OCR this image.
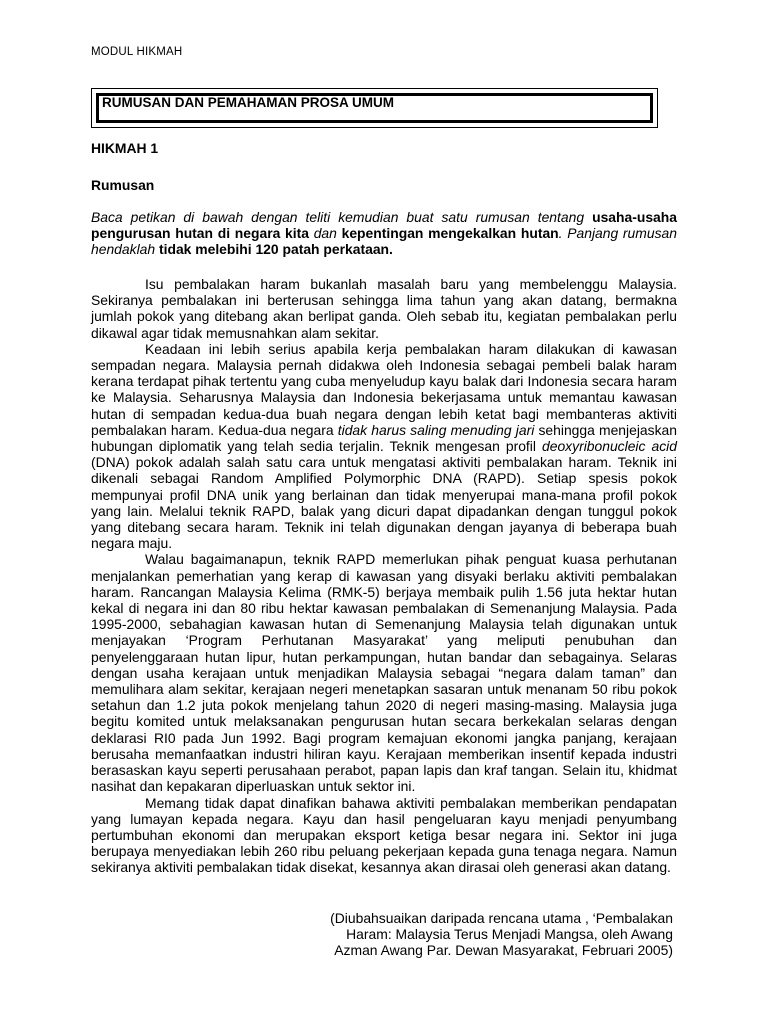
MODUL HIKMAH
RUMUSAN DAN PEMAHAMAN PROSA UMUM

HIKMAH 1

Rumusan

Baca petikan di bawah dengan teliti kemudian buat satu rumusan tentang usaha-usaha pengurusan hutan di negara kita dan kepentingan mengekalkan hutan. Panjang rumusan hendaklah tidak melebihi 120 patah perkataan.

Isu pembalakan haram bukanlah masalah baru yang membelenggu Malaysia. Sekiranya pembalakan ini berterusan sehingga lima tahun yang akan datang, bermakna jumlah pokok yang ditebang akan berlipat ganda. Oleh sebab itu, kegiatan pembalakan perlu dikawal agar tidak memusnahkan alam sekitar.

Keadaan ini lebih serius apabila kerja pembalakan haram dilakukan di kawasan sempadan negara. Malaysia pernah didakwa oleh Indonesia sebagai pembeli balak haram kerana terdapat pihak tertentu yang cuba menyeludup kayu balak dari Indonesia secara haram ke Malaysia. Seharusnya Malaysia dan Indonesia bekerjasama untuk memantau kawasan hutan di sempadan kedua-dua buah negara dengan lebih ketat bagi membanteras aktiviti pembalakan haram. Kedua-dua negara tidak harus saling menuding jari sehingga menjejaskan hubungan diplomatik yang telah sedia terjalin. Teknik mengesan profil deoxyribonucleic acid (DNA) pokok adalah salah satu cara untuk mengatasi aktiviti pembalakan haram. Teknik ini dikenali sebagai Random Amplified Polymorphic DNA (RAPD). Setiap spesis pokok mempunyai profil DNA unik yang berlainan dan tidak menyerupai mana-mana profil pokok yang lain. Melalui teknik RAPD, balak yang dicuri dapat dipadankan dengan tunggul pokok yang ditebang secara haram. Teknik ini telah digunakan dengan jayanya di beberapa buah negara maju.

Walau bagaimanapun, teknik RAPD memerlukan pihak penguat kuasa perhutanan menjalankan pemerhatian yang kerap di kawasan yang disyaki berlaku aktiviti pembalakan haram. Rancangan Malaysia Kelima (RMK-5) berjaya membaik pulih 1.56 juta hektar hutan kekal di negara ini dan 80 ribu hektar kawasan pembalakan di Semenanjung Malaysia. Pada 1995-2000, sebahagian kawasan hutan di Semenanjung Malaysia telah digunakan untuk menjayakan ‘Program Perhutanan Masyarakat’ yang meliputi penubuhan dan penyelenggaraan hutan lipur, hutan perkampungan, hutan bandar dan sebagainya. Selaras dengan usaha kerajaan untuk menjadikan Malaysia sebagai “negara dalam taman” dan memulihara alam sekitar, kerajaan negeri menetapkan sasaran untuk menanam 50 ribu pokok setahun dan 1.2 juta pokok menjelang tahun 2020 di negeri masing-masing. Malaysia juga begitu komited untuk melaksanakan pengurusan hutan secara berkekalan selaras dengan deklarasi RI0 pada Jun 1992. Bagi program kemajuan ekonomi jangka panjang, kerajaan berusaha memanfaatkan industri hiliran kayu. Kerajaan memberikan insentif kepada industri berasaskan kayu seperti perusahaan perabot, papan lapis dan kraf tangan. Selain itu, khidmat nasihat dan kepakaran diperluaskan untuk sektor ini.

Memang tidak dapat dinafikan bahawa aktiviti pembalakan memberikan pendapatan yang lumayan kepada negara. Kayu dan hasil pengeluaran kayu menjadi penyumbang pertumbuhan ekonomi dan merupakan eksport ketiga besar negara ini. Sektor ini juga berupaya menyediakan lebih 260 ribu peluang pekerjaan kepada guna tenaga negara. Namun sekiranya aktiviti pembalakan tidak disekat, kesannya akan dirasai oleh generasi akan datang.

(Diubahsuaikan daripada rencana utama , ‘Pembalakan
Haram: Malaysia Terus Menjadi Mangsa, oleh Awang
Azman Awang Par. Dewan Masyarakat, Februari 2005)
